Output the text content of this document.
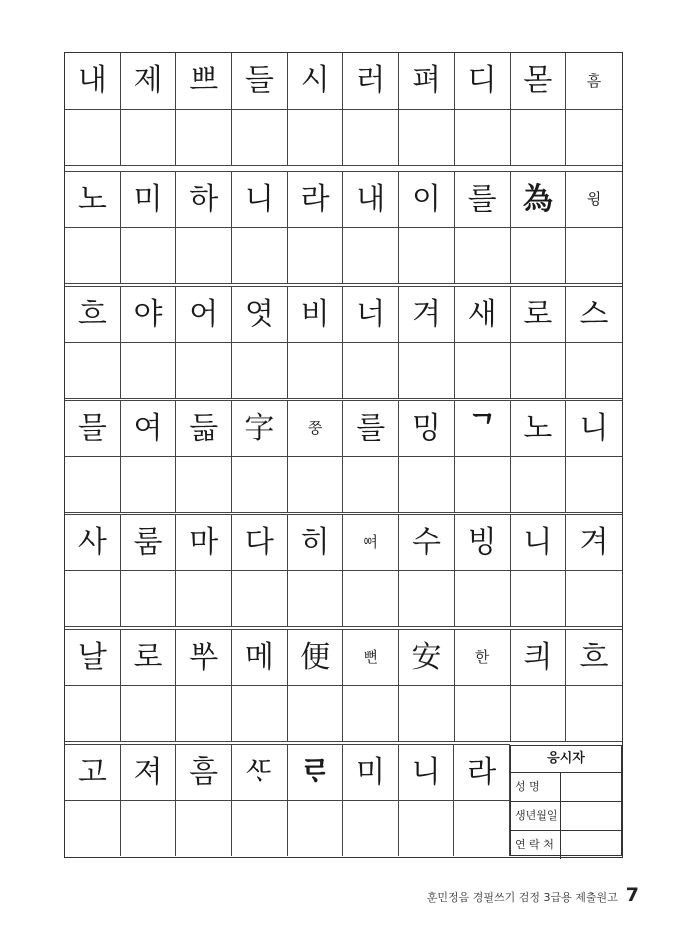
내 제 쁘 들 시 러 펴 디 몯 흠
노 미 하 니 라 내 이 를 為 윙
흐 야 어 엿 비 너 겨 새 로 스
믈 여 듧 字 쭝 를 밍 ᄀ 노 니
사 룸 마 다 히 ᅇᅧ 수 빙 니 겨
날 로 ᄡᅮ 메 便 뼌 安 한 킈 흐
고 져 흠 ᄯᆞ ᄅᆞ 미 니 라	응시자
성 명
생년월일
연 락 처
훈민정음 경필쓰기 검정 3급용 제출원고 7
